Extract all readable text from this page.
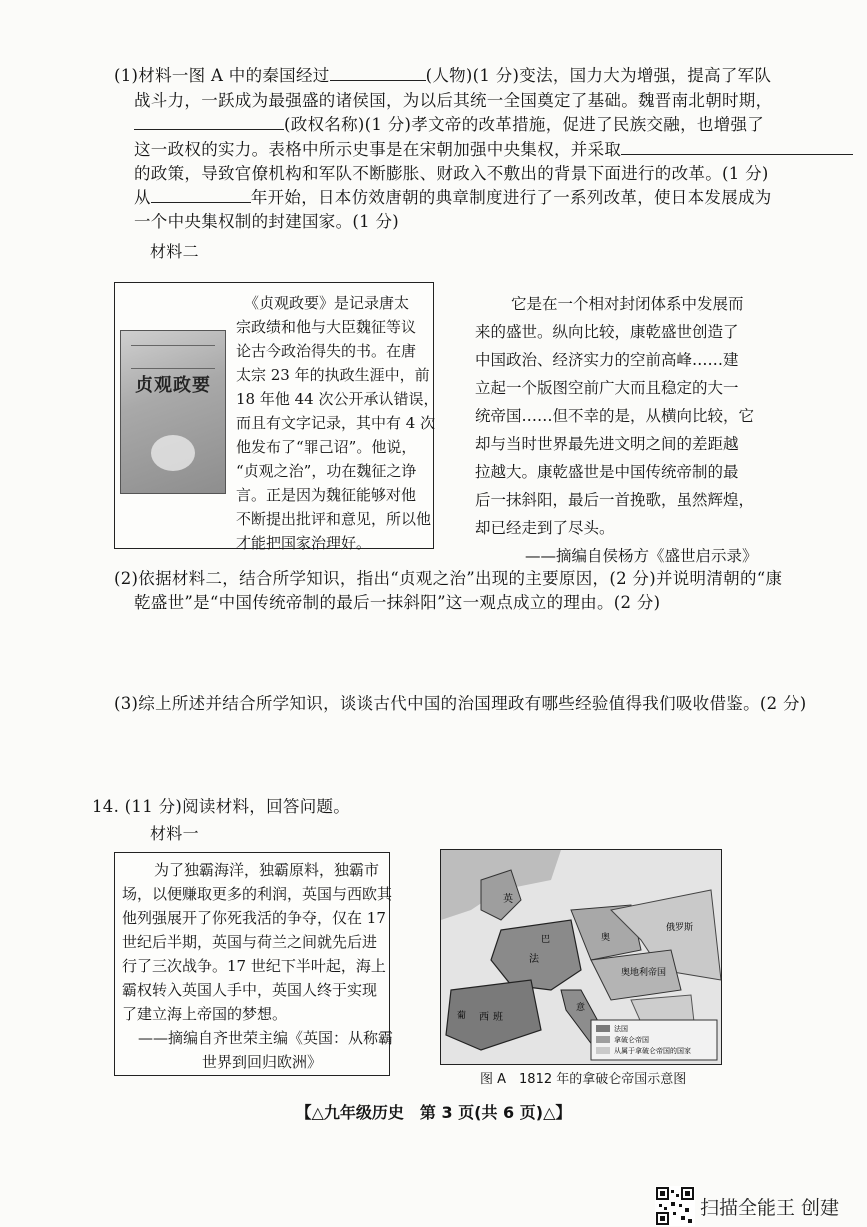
(1)材料一图 A 中的秦国经过	(人物)(1 分)变法，国力大为增强，提高了军队
战斗力，一跃成为最强盛的诸侯国，为以后其统一全国奠定了基础。魏晋南北朝时期，
(政权名称)(1 分)孝文帝的改革措施，促进了民族交融，也增强了
这一政权的实力。表格中所示史事是在宋朝加强中央集权，并采取
的政策，导致官僚机构和军队不断膨胀、财政入不敷出的背景下面进行的改革。(1 分)
从	年开始，日本仿效唐朝的典章制度进行了一系列改革，使日本发展成为
一个中央集权制的封建国家。(1 分)
材料二
贞观政要
《贞观政要》是记录唐太
宗政绩和他与大臣魏征等议
论古今政治得失的书。在唐
太宗 23 年的执政生涯中，前
18 年他 44 次公开承认错误，
而且有文字记录，其中有 4 次
他发布了“罪己诏”。他说，
“贞观之治”，功在魏征之诤
言。正是因为魏征能够对他
不断提出批评和意见，所以他
才能把国家治理好。
它是在一个相对封闭体系中发展而
来的盛世。纵向比较，康乾盛世创造了
中国政治、经济实力的空前高峰……建
立起一个版图空前广大而且稳定的大一
统帝国……但不幸的是，从横向比较，它
却与当时世界最先进文明之间的差距越
拉越大。康乾盛世是中国传统帝制的最
后一抹斜阳，最后一首挽歌，虽然辉煌，
却已经走到了尽头。
——摘编自侯杨方《盛世启示录》
(2)依据材料二，结合所学知识，指出“贞观之治”出现的主要原因，(2 分)并说明清朝的“康
乾盛世”是“中国传统帝制的最后一抹斜阳”这一观点成立的理由。(2 分)
(3)综上所述并结合所学知识，谈谈古代中国的治国理政有哪些经验值得我们吸收借鉴。(2 分)
14. (11 分)阅读材料，回答问题。
材料一
为了独霸海洋，独霸原料，独霸市
场，以便赚取更多的利润，英国与西欧其
他列强展开了你死我活的争夺，仅在 17
世纪后半期，英国与荷兰之间就先后进
行了三次战争。17 世纪下半叶起，海上
霸权转入英国人手中，英国人终于实现
了建立海上帝国的梦想。
——摘编自齐世荣主编《英国：从称霸
世界到回归欧洲》
英
法
奥地利帝国
俄罗斯
西 班
葡
意
巴	奥
法国
拿破仑帝国
从属于拿破仑帝国的国家
图 A　1812 年的拿破仑帝国示意图
【△九年级历史　第 3 页(共 6 页)△】
扫描全能王 创建
